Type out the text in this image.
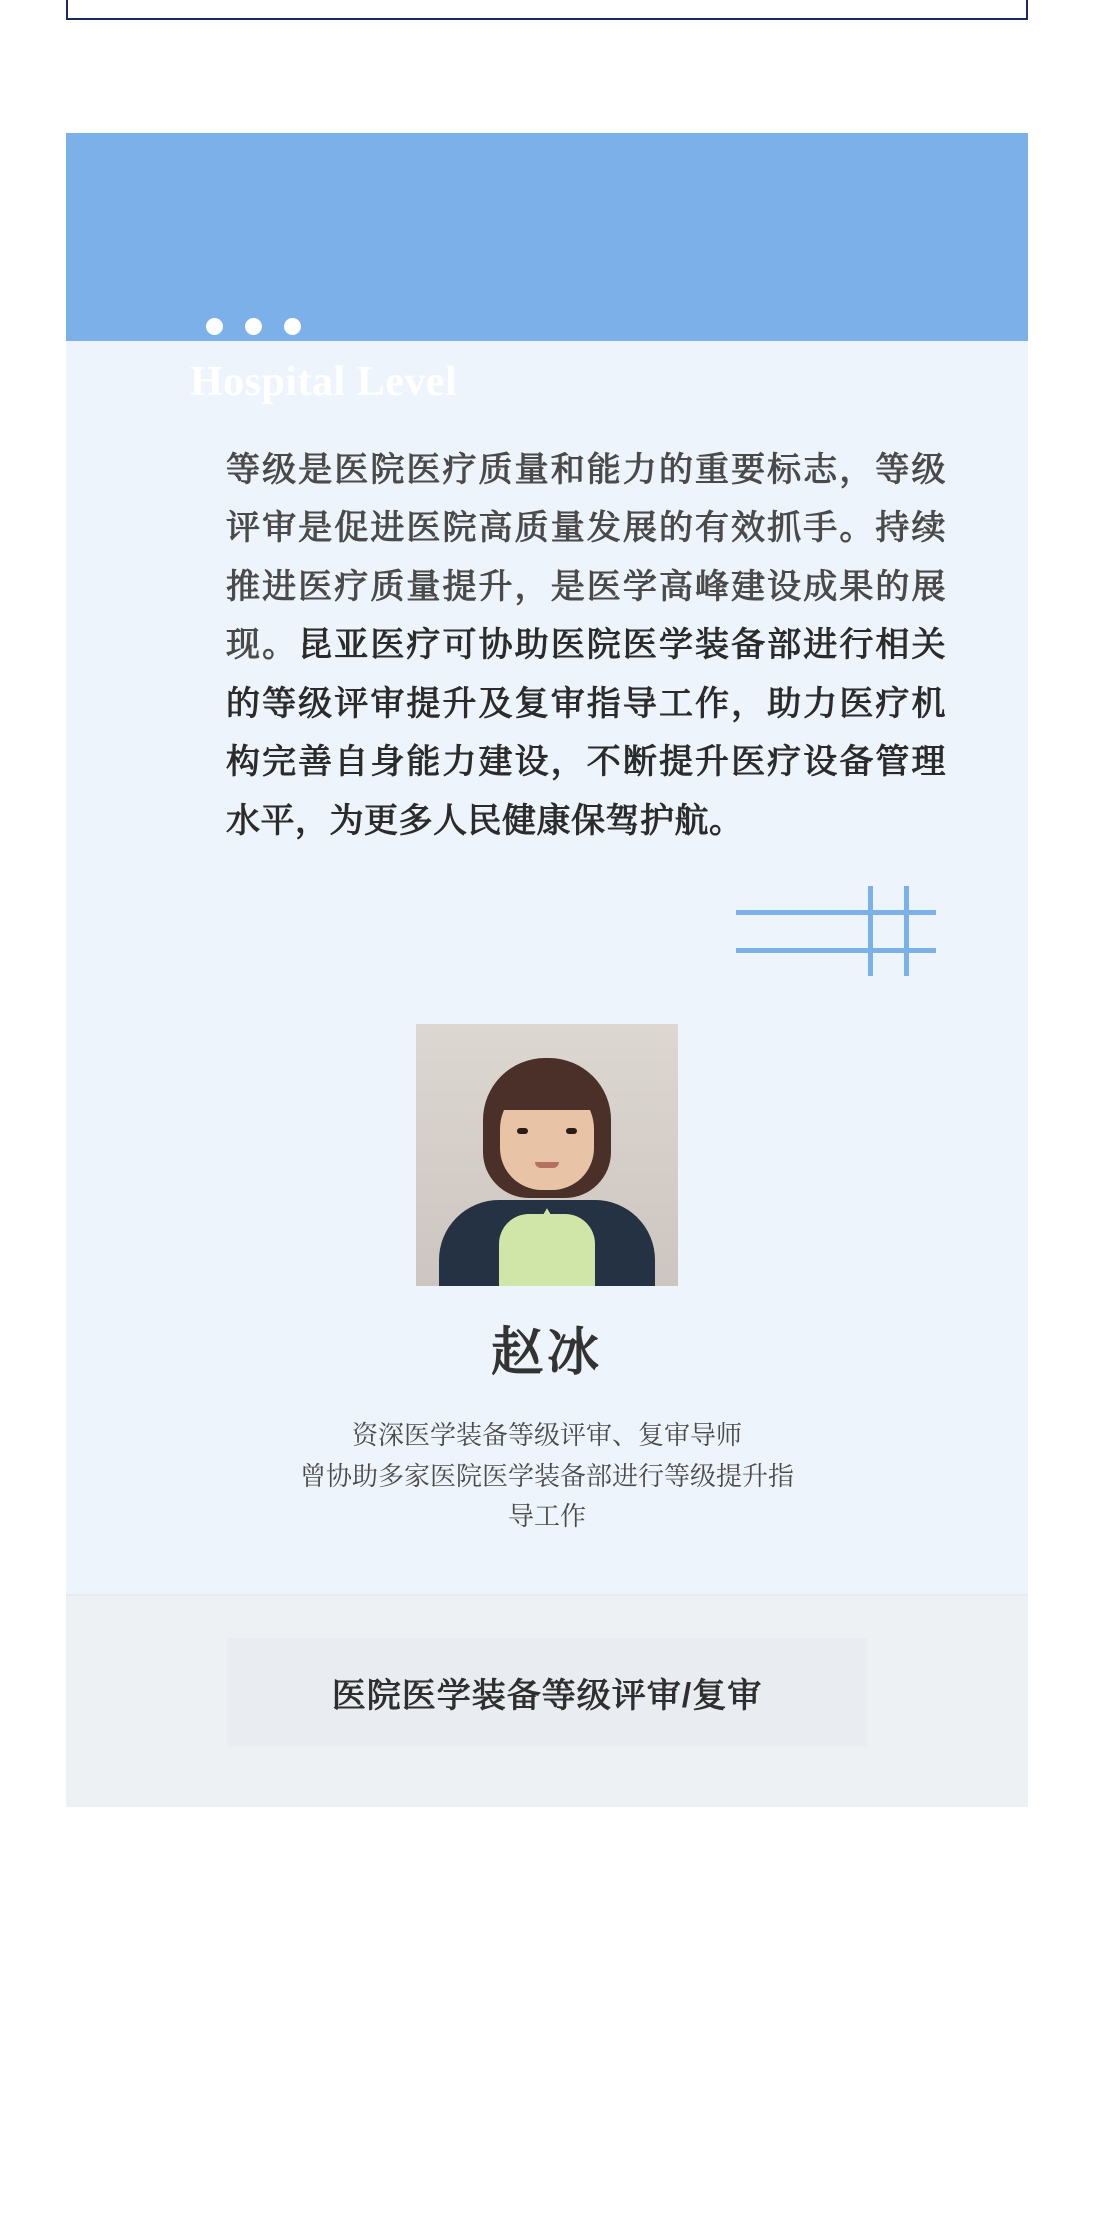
Hospital Level

等级是医院医疗质量和能力的重要标志，等级评审是促进医院高质量发展的有效抓手。持续推进医疗质量提升，是医学高峰建设成果的展现。昆亚医疗可协助医院医学装备部进行相关的等级评审提升及复审指导工作，助力医疗机构完善自身能力建设，不断提升医疗设备管理水平，为更多人民健康保驾护航。

赵冰
资深医学装备等级评审、复审导师
曾协助多家医院医学装备部进行等级提升指
导工作
医院医学装备等级评审/复审
